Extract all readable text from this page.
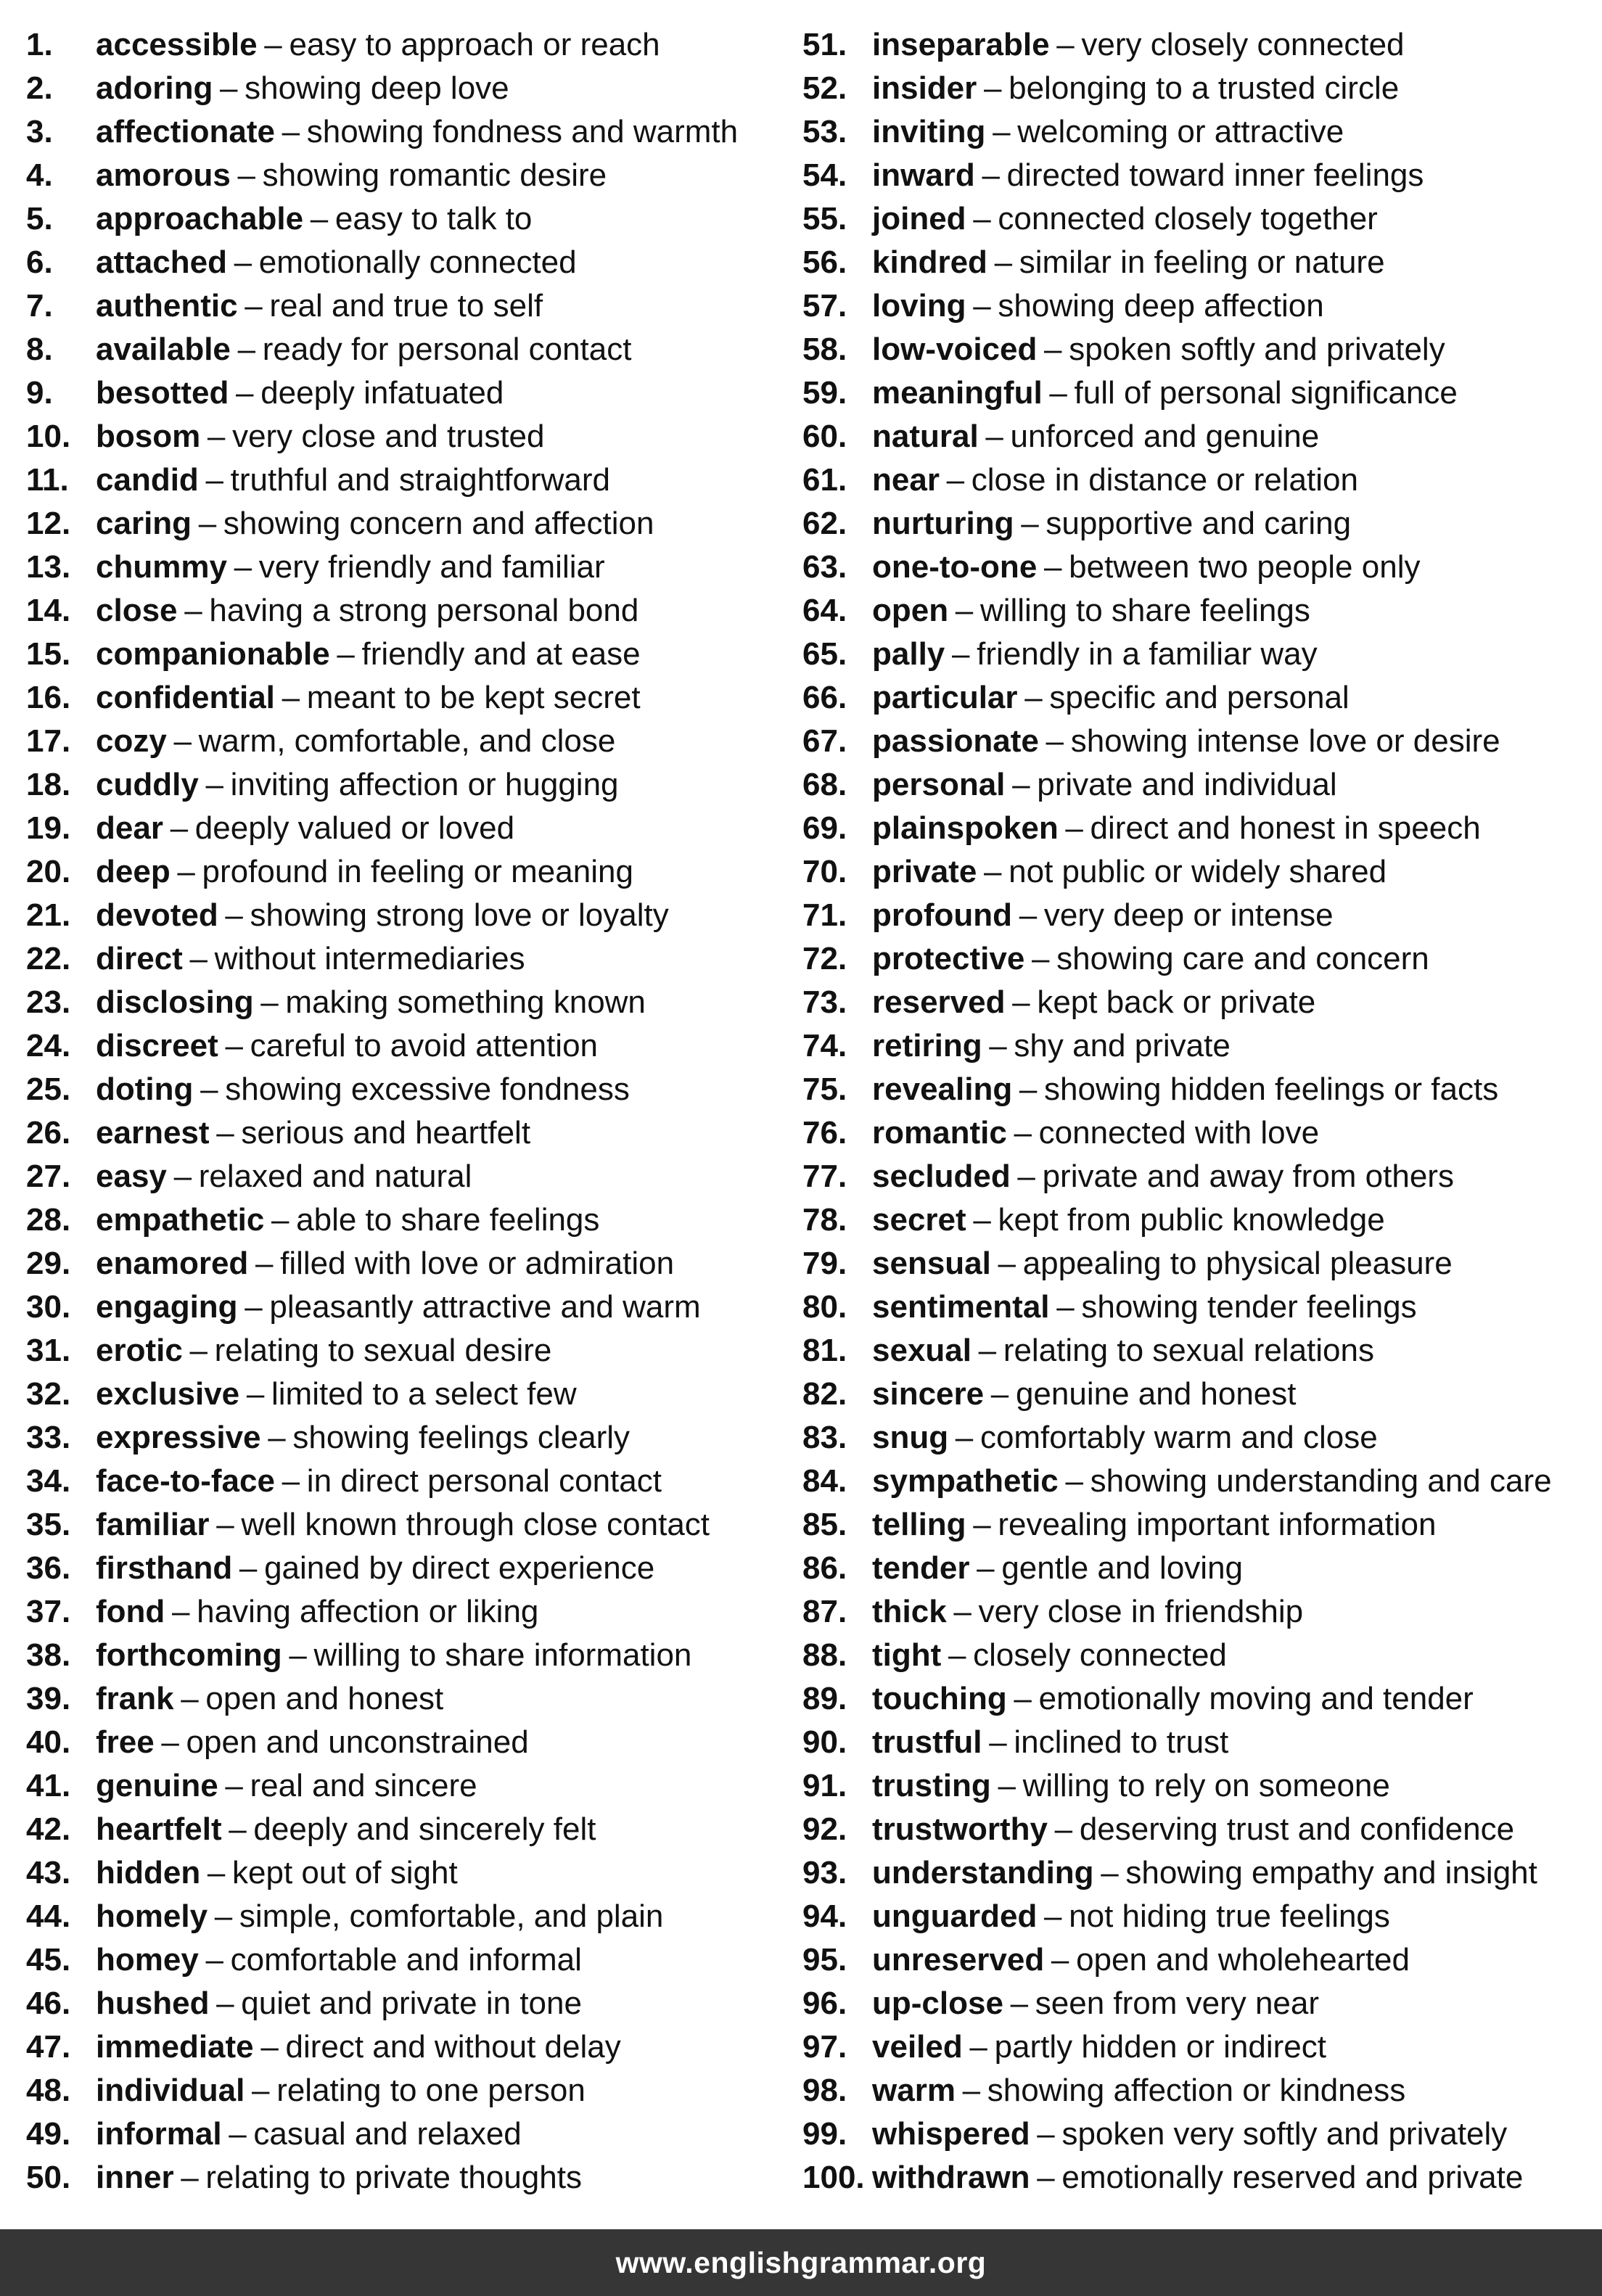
1. accessible – easy to approach or reach
2. adoring – showing deep love
3. affectionate – showing fondness and warmth
4. amorous – showing romantic desire
5. approachable – easy to talk to
6. attached – emotionally connected
7. authentic – real and true to self
8. available – ready for personal contact
9. besotted – deeply infatuated
10. bosom – very close and trusted
11. candid – truthful and straightforward
12. caring – showing concern and affection
13. chummy – very friendly and familiar
14. close – having a strong personal bond
15. companionable – friendly and at ease
16. confidential – meant to be kept secret
17. cozy – warm, comfortable, and close
18. cuddly – inviting affection or hugging
19. dear – deeply valued or loved
20. deep – profound in feeling or meaning
21. devoted – showing strong love or loyalty
22. direct – without intermediaries
23. disclosing – making something known
24. discreet – careful to avoid attention
25. doting – showing excessive fondness
26. earnest – serious and heartfelt
27. easy – relaxed and natural
28. empathetic – able to share feelings
29. enamored – filled with love or admiration
30. engaging – pleasantly attractive and warm
31. erotic – relating to sexual desire
32. exclusive – limited to a select few
33. expressive – showing feelings clearly
34. face-to-face – in direct personal contact
35. familiar – well known through close contact
36. firsthand – gained by direct experience
37. fond – having affection or liking
38. forthcoming – willing to share information
39. frank – open and honest
40. free – open and unconstrained
41. genuine – real and sincere
42. heartfelt – deeply and sincerely felt
43. hidden – kept out of sight
44. homely – simple, comfortable, and plain
45. homey – comfortable and informal
46. hushed – quiet and private in tone
47. immediate – direct and without delay
48. individual – relating to one person
49. informal – casual and relaxed
50. inner – relating to private thoughts
51. inseparable – very closely connected
52. insider – belonging to a trusted circle
53. inviting – welcoming or attractive
54. inward – directed toward inner feelings
55. joined – connected closely together
56. kindred – similar in feeling or nature
57. loving – showing deep affection
58. low-voiced – spoken softly and privately
59. meaningful – full of personal significance
60. natural – unforced and genuine
61. near – close in distance or relation
62. nurturing – supportive and caring
63. one-to-one – between two people only
64. open – willing to share feelings
65. pally – friendly in a familiar way
66. particular – specific and personal
67. passionate – showing intense love or desire
68. personal – private and individual
69. plainspoken – direct and honest in speech
70. private – not public or widely shared
71. profound – very deep or intense
72. protective – showing care and concern
73. reserved – kept back or private
74. retiring – shy and private
75. revealing – showing hidden feelings or facts
76. romantic – connected with love
77. secluded – private and away from others
78. secret – kept from public knowledge
79. sensual – appealing to physical pleasure
80. sentimental – showing tender feelings
81. sexual – relating to sexual relations
82. sincere – genuine and honest
83. snug – comfortably warm and close
84. sympathetic – showing understanding and care
85. telling – revealing important information
86. tender – gentle and loving
87. thick – very close in friendship
88. tight – closely connected
89. touching – emotionally moving and tender
90. trustful – inclined to trust
91. trusting – willing to rely on someone
92. trustworthy – deserving trust and confidence
93. understanding – showing empathy and insight
94. unguarded – not hiding true feelings
95. unreserved – open and wholehearted
96. up-close – seen from very near
97. veiled – partly hidden or indirect
98. warm – showing affection or kindness
99. whispered – spoken very softly and privately
100. withdrawn – emotionally reserved and private
www.englishgrammar.org
